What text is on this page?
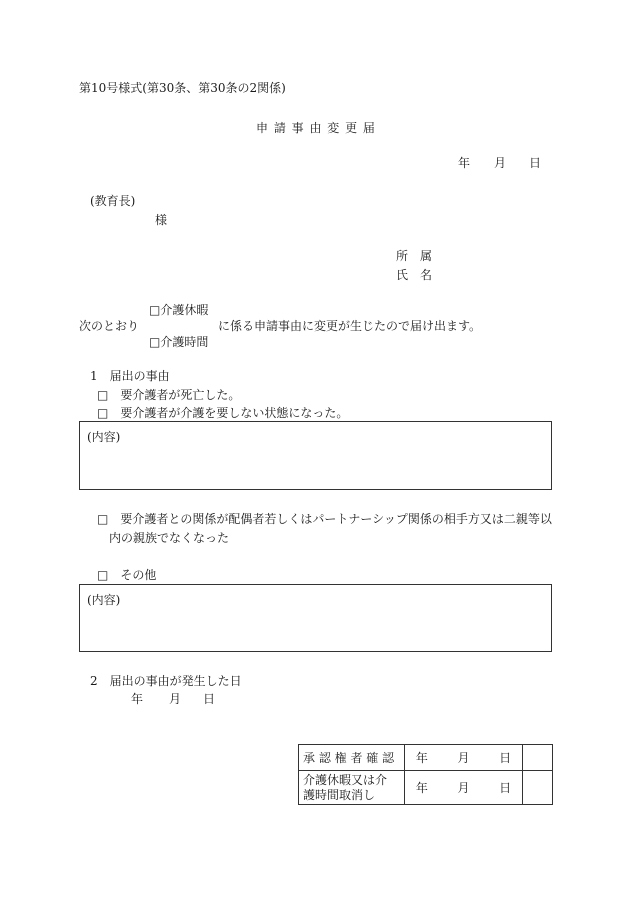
第10号様式(第30条、第30条の2関係)
申 請 事 由 変 更 届
年 月 日
(教育長)
様
所　属
氏　名
□介護休暇
次のとおり	に係る申請事由に変更が生じたので届け出ます。
□介護時間
1　届出の事由
□　要介護者が死亡した。
□　要介護者が介護を要しない状態になった。
(内容)
□　要介護者との関係が配偶者若しくはパートナーシップ関係の相手方又は二親等以
内の親族でなくなった
□　その他
(内容)
2　届出の事由が発生した日
年 月 日
承 認 権 者 確 認	年 月 日	

介護休暇又は介
護時間取消し	年 月 日	
